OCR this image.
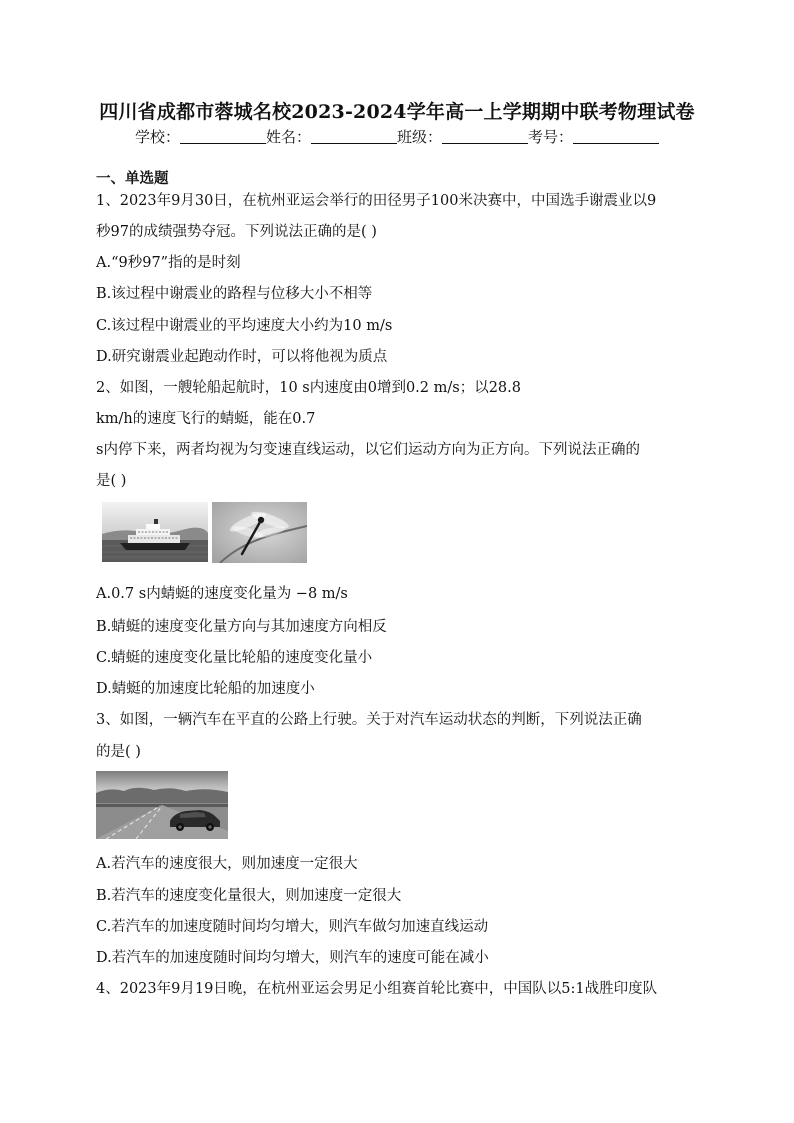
四川省成都市蓉城名校2023-2024学年高一上学期期中联考物理试卷
学校：	姓名：	班级：	考号：
一、单选题
1、2023年9月30日，在杭州亚运会举行的田径男子100米决赛中，中国选手谢震业以9
秒97的成绩强势夺冠。下列说法正确的是( )
A.“9秒97”指的是时刻
B.该过程中谢震业的路程与位移大小不相等
C.该过程中谢震业的平均速度大小约为10 m/s
D.研究谢震业起跑动作时，可以将他视为质点
2、如图，一艘轮船起航时，10 s内速度由0增到0.2 m/s；以28.8
km/h的速度飞行的蜻蜓，能在0.7
s内停下来，两者均视为匀变速直线运动，以它们运动方向为正方向。下列说法正确的
是( )
A.0.7 s内蜻蜓的速度变化量为 −8 m/s
B.蜻蜓的速度变化量方向与其加速度方向相反
C.蜻蜓的速度变化量比轮船的速度变化量小
D.蜻蜓的加速度比轮船的加速度小
3、如图，一辆汽车在平直的公路上行驶。关于对汽车运动状态的判断，下列说法正确
的是( )
A.若汽车的速度很大，则加速度一定很大
B.若汽车的速度变化量很大，则加速度一定很大
C.若汽车的加速度随时间均匀增大，则汽车做匀加速直线运动
D.若汽车的加速度随时间均匀增大，则汽车的速度可能在减小
4、2023年9月19日晚，在杭州亚运会男足小组赛首轮比赛中，中国队以5:1战胜印度队
